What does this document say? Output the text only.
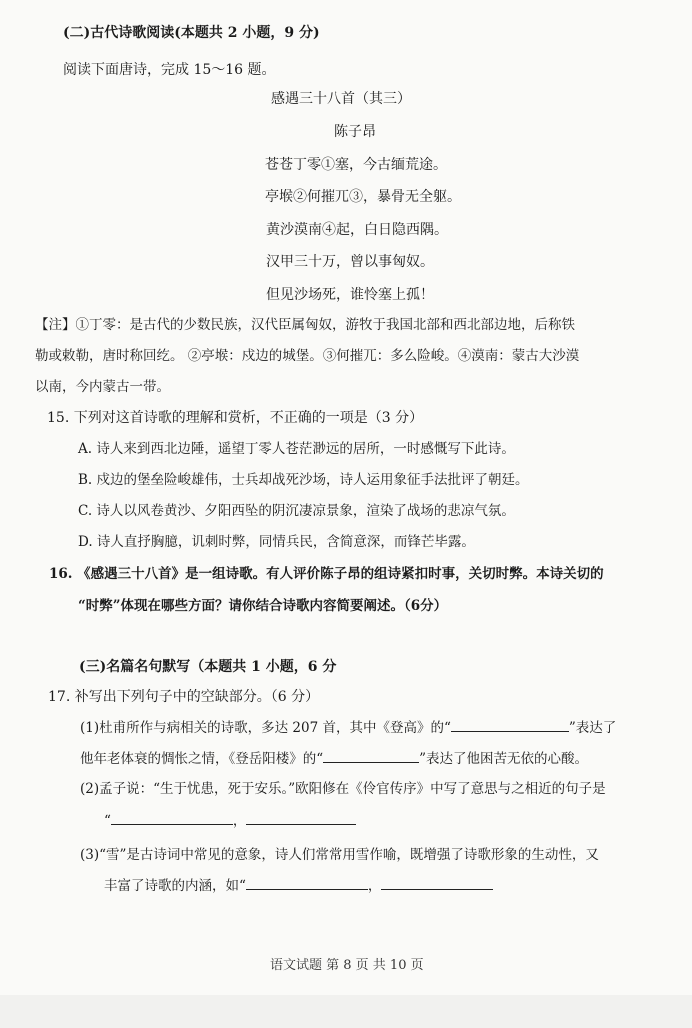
(二)古代诗歌阅读(本题共 2 小题，9 分)
阅读下面唐诗，完成 15～16 题。
感遇三十八首（其三）
陈子昂
苍苍丁零①塞，今古缅荒途。
亭堠②何摧兀③，暴骨无全躯。
黄沙漠南④起，白日隐西隅。
汉甲三十万，曾以事匈奴。
但见沙场死，谁怜塞上孤！
【注】①丁零：是古代的少数民族，汉代臣属匈奴，游牧于我国北部和西北部边地，后称铁
勒或敕勒，唐时称回纥。 ②亭堠：戍边的城堡。③何摧兀：多么险峻。④漠南：蒙古大沙漠
以南，今内蒙古一带。
15. 下列对这首诗歌的理解和赏析，不正确的一项是（3 分）
A. 诗人来到西北边陲，遥望丁零人苍茫渺远的居所，一时感慨写下此诗。
B. 戍边的堡垒险峻雄伟，士兵却战死沙场，诗人运用象征手法批评了朝廷。
C. 诗人以风卷黄沙、夕阳西坠的阴沉凄凉景象，渲染了战场的悲凉气氛。
D. 诗人直抒胸臆，讥刺时弊，同情兵民，含简意深，而锋芒毕露。
16. 《感遇三十八首》是一组诗歌。有人评价陈子昂的组诗紧扣时事，关切时弊。本诗关切的
“时弊”体现在哪些方面？请你结合诗歌内容简要阐述。（6分）
(三)名篇名句默写（本题共 1 小题，6 分
17. 补写出下列句子中的空缺部分。（6 分）
(1)杜甫所作与病相关的诗歌，多达 207 首，其中《登高》的“	”表达了
他年老体衰的惆怅之情，《登岳阳楼》的“	”表达了他困苦无依的心酸。
(2)孟子说：“生于忧患，死于安乐。”欧阳修在《伶官传序》中写了意思与之相近的句子是
“	，
(3)“雪”是古诗词中常见的意象，诗人们常常用雪作喻，既增强了诗歌形象的生动性，又
丰富了诗歌的内涵，如“	，
语文试题 第 8 页 共 10 页
